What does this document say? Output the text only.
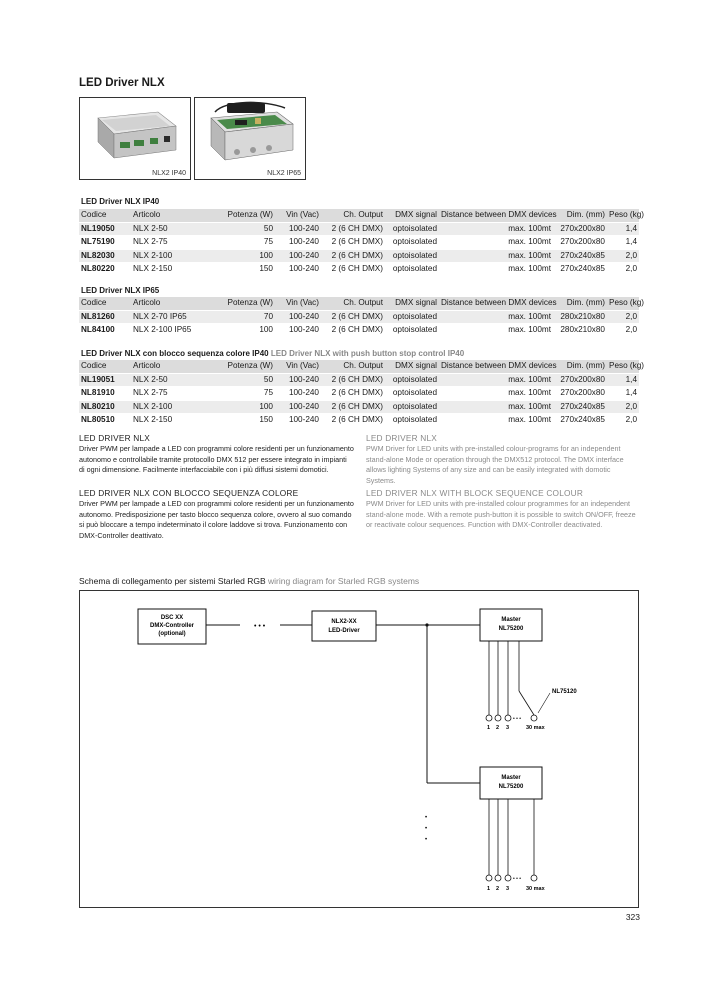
LED Driver NLX
NLX2 IP40	NLX2 IP65
LED Driver NLX IP40
Codice	Articolo	Potenza (W)	Vin (Vac)	Ch. Output	DMX signal	Distance between DMX devices	Dim. (mm)	Peso (kg)
NL19050	NLX 2-50	50	100-240	2 (6 CH DMX)	optoisolated	max. 100mt	270x200x80	1,4
NL75190	NLX 2-75	75	100-240	2 (6 CH DMX)	optoisolated	max. 100mt	270x200x80	1,4
NL82030	NLX 2-100	100	100-240	2 (6 CH DMX)	optoisolated	max. 100mt	270x240x85	2,0
NL80220	NLX 2-150	150	100-240	2 (6 CH DMX)	optoisolated	max. 100mt	270x240x85	2,0
LED Driver NLX IP65
Codice	Articolo	Potenza (W)	Vin (Vac)	Ch. Output	DMX signal	Distance between DMX devices	Dim. (mm)	Peso (kg)
NL81260	NLX 2-70 IP65	70	100-240	2 (6 CH DMX)	optoisolated	max. 100mt	280x210x80	2,0
NL84100	NLX 2-100 IP65	100	100-240	2 (6 CH DMX)	optoisolated	max. 100mt	280x210x80	2,0
LED Driver NLX con blocco sequenza colore IP40 LED Driver NLX with push button stop control IP40
Codice	Articolo	Potenza (W)	Vin (Vac)	Ch. Output	DMX signal	Distance between DMX devices	Dim. (mm)	Peso (kg)
NL19051	NLX 2-50	50	100-240	2 (6 CH DMX)	optoisolated	max. 100mt	270x200x80	1,4
NL81910	NLX 2-75	75	100-240	2 (6 CH DMX)	optoisolated	max. 100mt	270x200x80	1,4
NL80210	NLX 2-100	100	100-240	2 (6 CH DMX)	optoisolated	max. 100mt	270x240x85	2,0
NL80510	NLX 2-150	150	100-240	2 (6 CH DMX)	optoisolated	max. 100mt	270x240x85	2,0
LED DRIVER NLX
Driver PWM per lampade a LED con programmi colore residenti per un funzionamento autonomo e controllabile tramite protocollo DMX 512 per essere integrato in impianti di ogni dimensione. Facilmente interfacciabile con i più diffusi sistemi domotici.
LED DRIVER NLX CON BLOCCO SEQUENZA COLORE
Driver PWM per lampade a LED con programmi colore residenti per un funzionamento autonomo. Predisposizione per tasto blocco sequenza colore, ovvero al suo comando si può bloccare a tempo indeterminato il colore laddove si trova. Funzionamento con DMX-Controller deattivato.
LED DRIVER NLX
PWM Driver for LED units with pre-installed colour-programs for an independent stand-alone Mode or operation through the DMX512 protocol. The DMX interface allows lighting Systems of any size and can be easily integrated with domotic Systems.
LED DRIVER NLX WITH BLOCK SEQUENCE COLOUR
PWM Driver for LED units with pre-installed colour programmes for an independent stand-alone mode. With a remote push-button it is possible to switch ON/OFF, freeze or reactivate colour sequences. Function with DMX-Controller deactivated.
Schema di collegamento per sistemi Starled RGB wiring diagram for Starled RGB systems
DSC XX
DMX-Controller
(optional)
• • •
NLX2-XX
LED-Driver
Master
NL75200
• • •
NL75120
1 2 3	30 max
Master
NL75200
• • •
1 2 3	30 max
•
•
•
323
